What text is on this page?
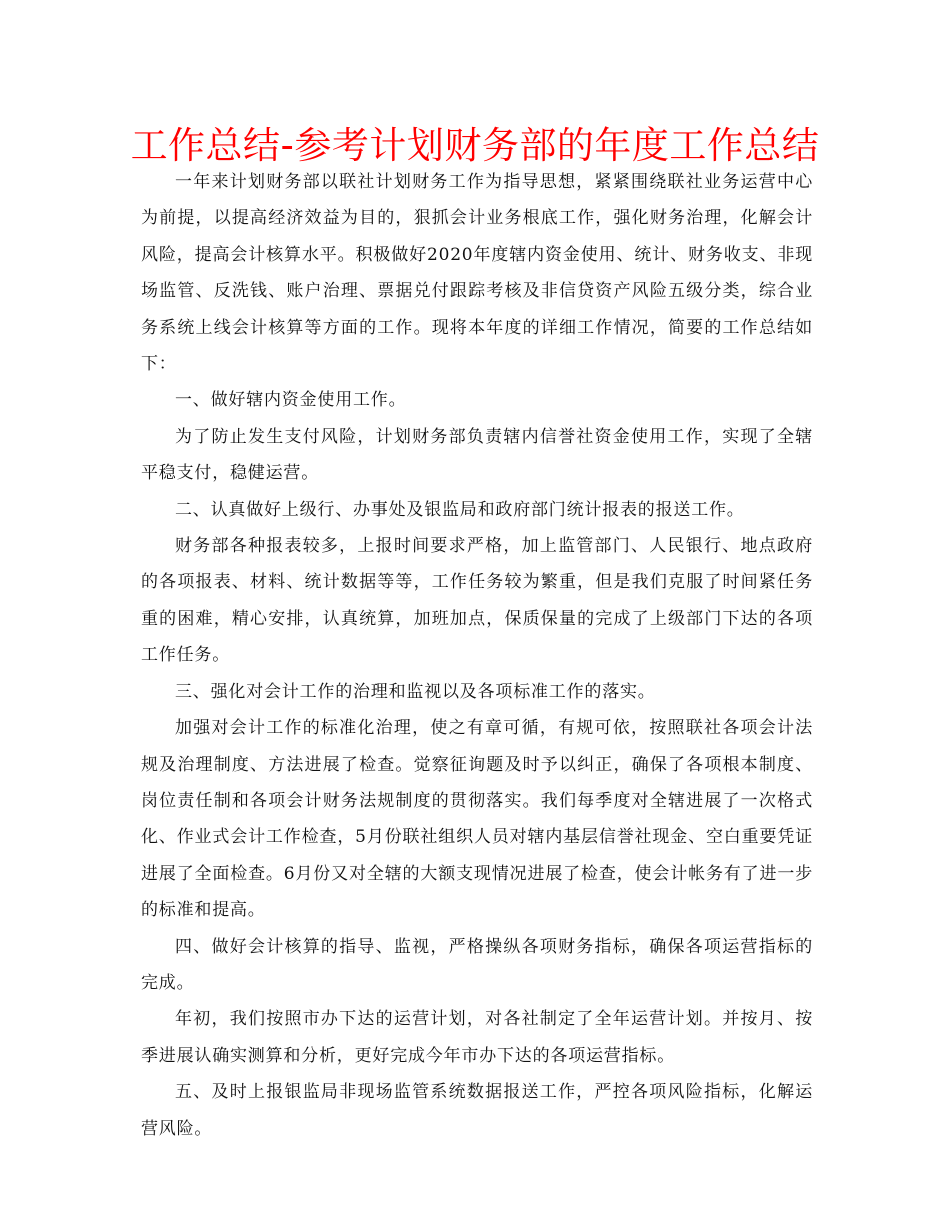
工作总结-参考计划财务部的年度工作总结

一年来计划财务部以联社计划财务工作为指导思想，紧紧围绕联社业务运营中心为前提，以提高经济效益为目的，狠抓会计业务根底工作，强化财务治理，化解会计风险，提高会计核算水平。积极做好2020年度辖内资金使用、统计、财务收支、非现场监管、反洗钱、账户治理、票据兑付跟踪考核及非信贷资产风险五级分类，综合业务系统上线会计核算等方面的工作。现将本年度的详细工作情况，简要的工作总结如下：

一、做好辖内资金使用工作。

为了防止发生支付风险，计划财务部负责辖内信誉社资金使用工作，实现了全辖平稳支付，稳健运营。

二、认真做好上级行、办事处及银监局和政府部门统计报表的报送工作。

财务部各种报表较多，上报时间要求严格，加上监管部门、人民银行、地点政府的各项报表、材料、统计数据等等，工作任务较为繁重，但是我们克服了时间紧任务重的困难，精心安排，认真统算，加班加点，保质保量的完成了上级部门下达的各项工作任务。

三、强化对会计工作的治理和监视以及各项标准工作的落实。

加强对会计工作的标准化治理，使之有章可循，有规可依，按照联社各项会计法规及治理制度、方法进展了检查。觉察征询题及时予以纠正，确保了各项根本制度、岗位责任制和各项会计财务法规制度的贯彻落实。我们每季度对全辖进展了一次格式化、作业式会计工作检查，5月份联社组织人员对辖内基层信誉社现金、空白重要凭证进展了全面检查。6月份又对全辖的大额支现情况进展了检查，使会计帐务有了进一步的标准和提高。

四、做好会计核算的指导、监视，严格操纵各项财务指标，确保各项运营指标的完成。

年初，我们按照市办下达的运营计划，对各社制定了全年运营计划。并按月、按季进展认确实测算和分析，更好完成今年市办下达的各项运营指标。

五、及时上报银监局非现场监管系统数据报送工作，严控各项风险指标，化解运营风险。
